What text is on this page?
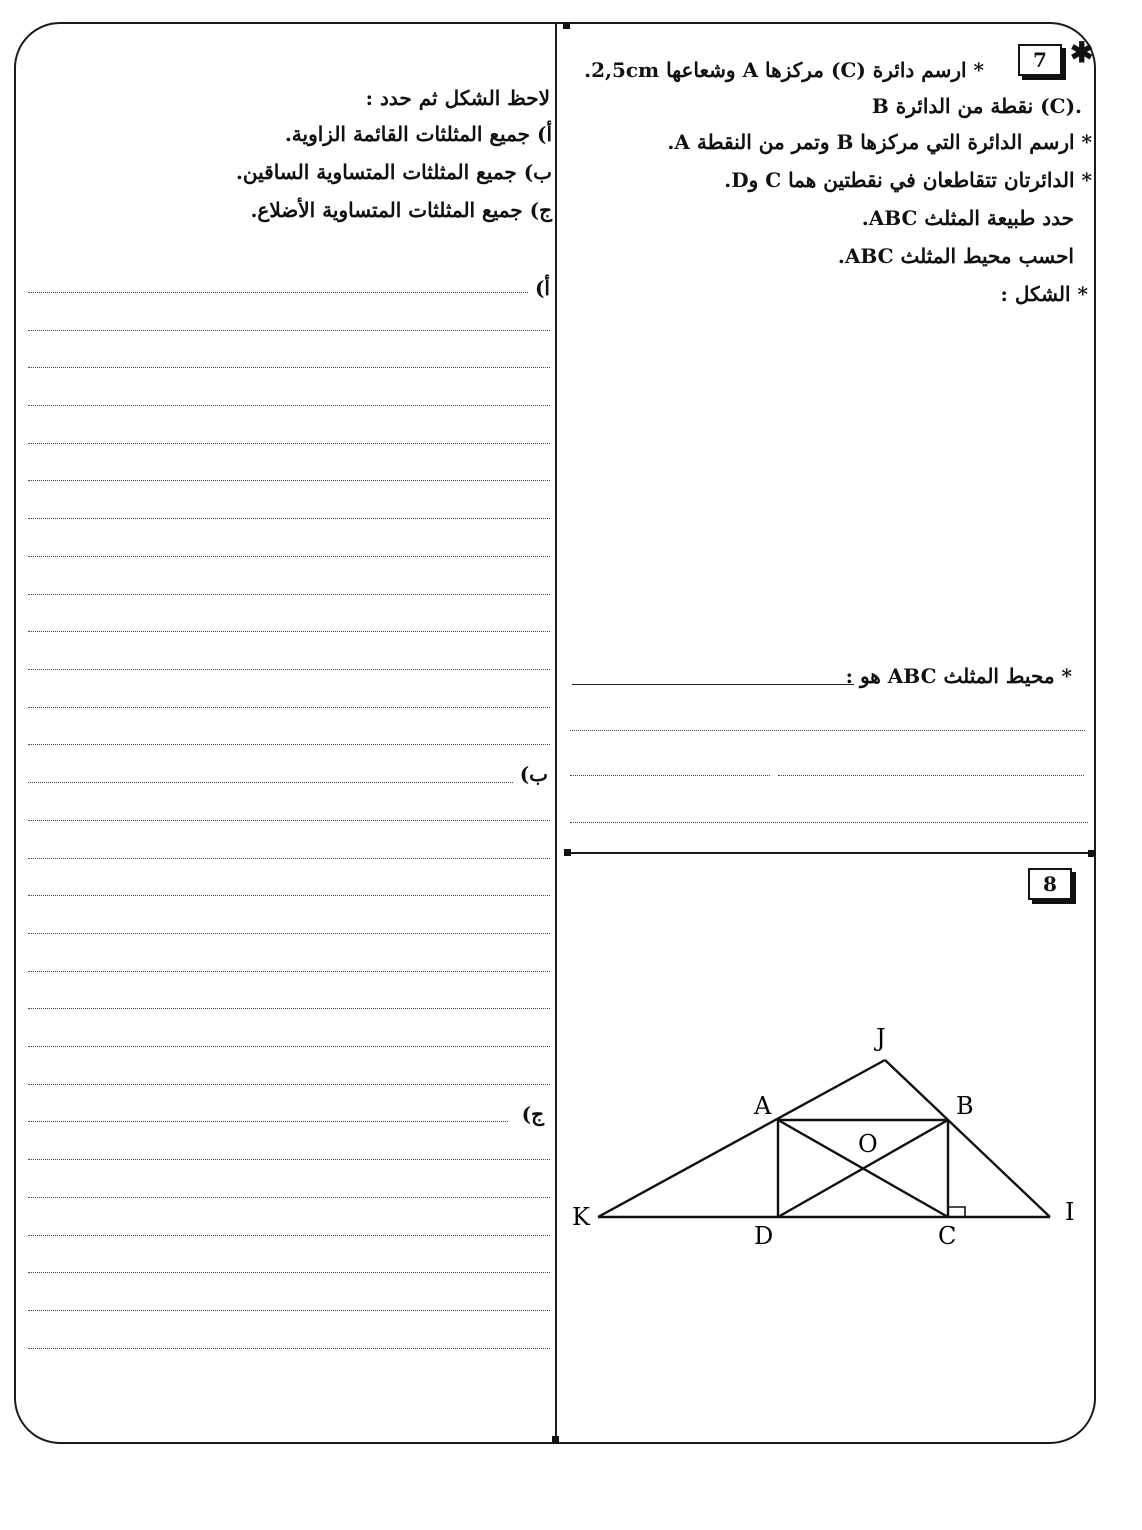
✱
7
* ارسم دائرة (C) مركزها A وشعاعها 2,5cm.
B نقطة من الدائرة (C).
* ارسم الدائرة التي مركزها B وتمر من النقطة A.
* الدائرتان تتقاطعان في نقطتين هما C وD.
حدد طبيعة المثلث ABC.
احسب محيط المثلث ABC.
* الشكل :
* محيط المثلث ABC هو :
8
J
A	B
O
K	I
D	C
لاحظ الشكل ثم حدد :
أ) جميع المثلثات القائمة الزاوية.
ب) جميع المثلثات المتساوية الساقين.
ج) جميع المثلثات المتساوية الأضلاع.
أ)
ب)
ج)
